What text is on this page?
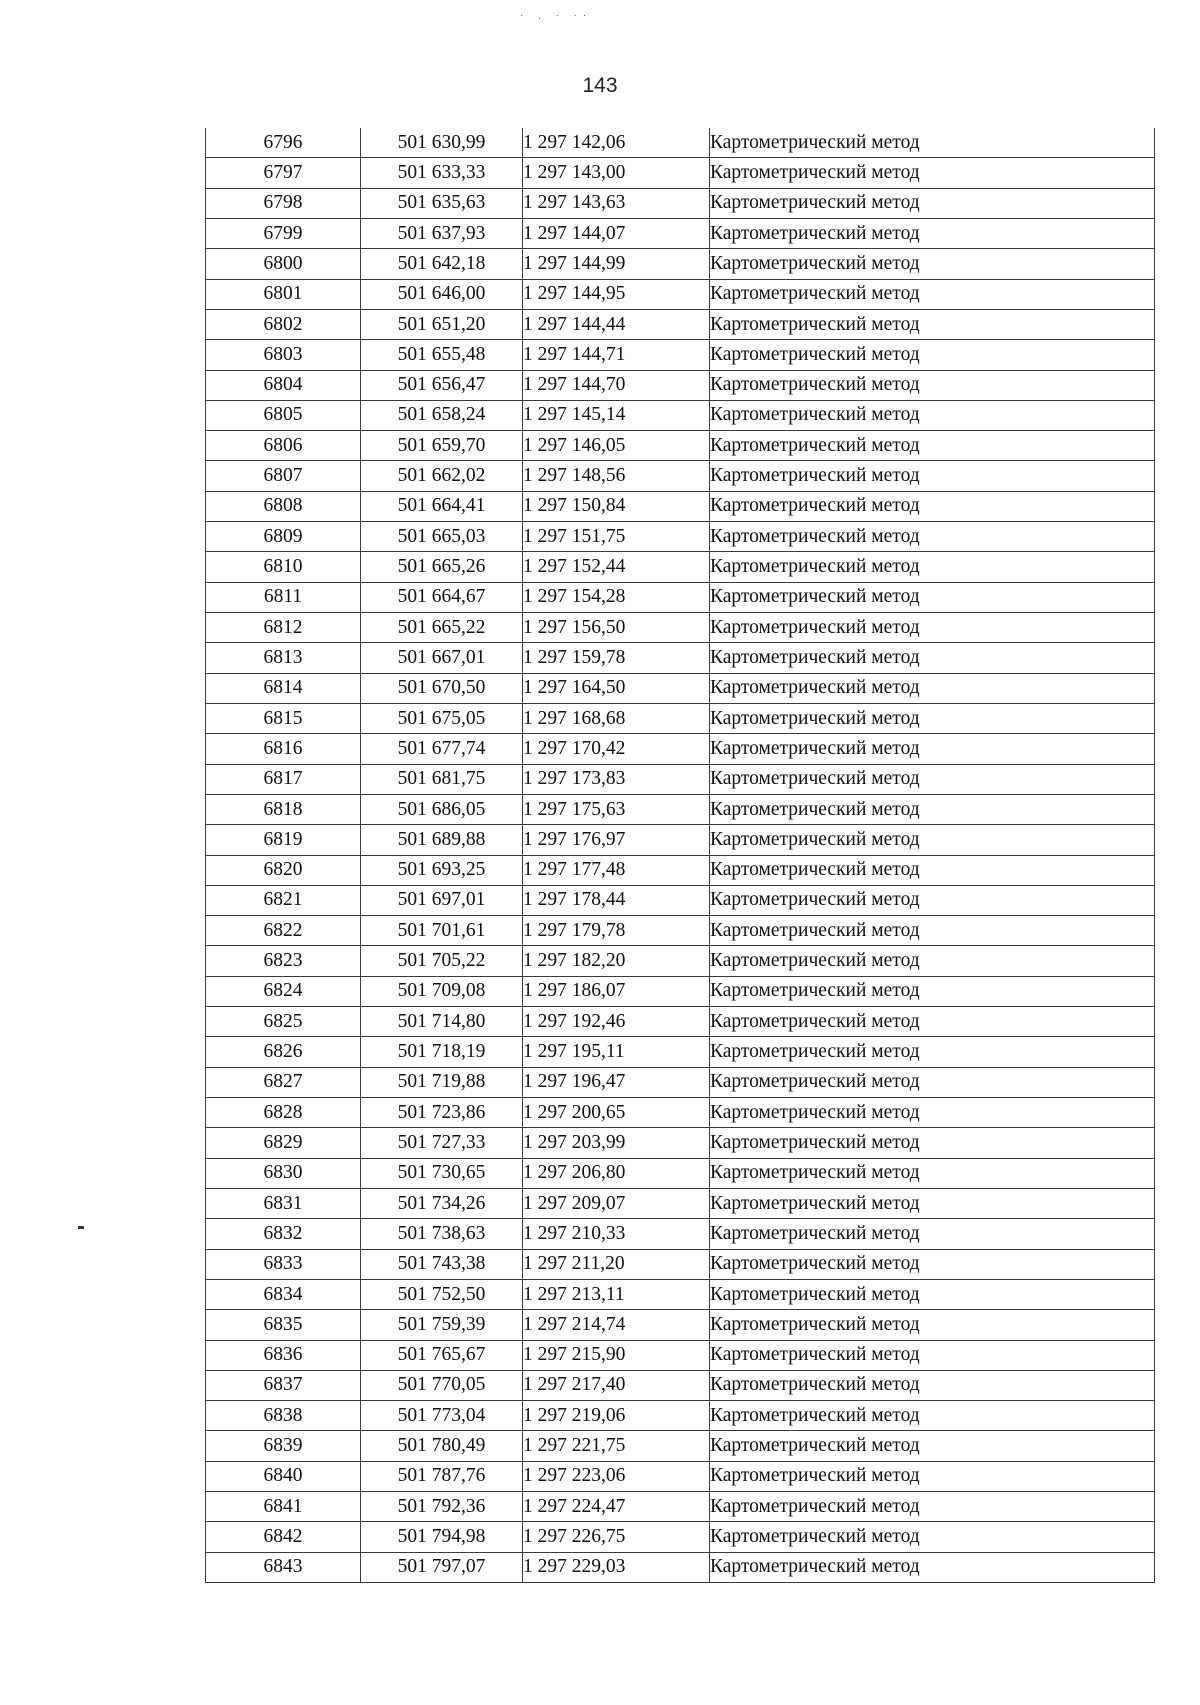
˙ · ˙ ˙˙
143
6796	501 630,99	1 297 142,06	Картометрический метод
6797	501 633,33	1 297 143,00	Картометрический метод
6798	501 635,63	1 297 143,63	Картометрический метод
6799	501 637,93	1 297 144,07	Картометрический метод
6800	501 642,18	1 297 144,99	Картометрический метод
6801	501 646,00	1 297 144,95	Картометрический метод
6802	501 651,20	1 297 144,44	Картометрический метод
6803	501 655,48	1 297 144,71	Картометрический метод
6804	501 656,47	1 297 144,70	Картометрический метод
6805	501 658,24	1 297 145,14	Картометрический метод
6806	501 659,70	1 297 146,05	Картометрический метод
6807	501 662,02	1 297 148,56	Картометрический метод
6808	501 664,41	1 297 150,84	Картометрический метод
6809	501 665,03	1 297 151,75	Картометрический метод
6810	501 665,26	1 297 152,44	Картометрический метод
6811	501 664,67	1 297 154,28	Картометрический метод
6812	501 665,22	1 297 156,50	Картометрический метод
6813	501 667,01	1 297 159,78	Картометрический метод
6814	501 670,50	1 297 164,50	Картометрический метод
6815	501 675,05	1 297 168,68	Картометрический метод
6816	501 677,74	1 297 170,42	Картометрический метод
6817	501 681,75	1 297 173,83	Картометрический метод
6818	501 686,05	1 297 175,63	Картометрический метод
6819	501 689,88	1 297 176,97	Картометрический метод
6820	501 693,25	1 297 177,48	Картометрический метод
6821	501 697,01	1 297 178,44	Картометрический метод
6822	501 701,61	1 297 179,78	Картометрический метод
6823	501 705,22	1 297 182,20	Картометрический метод
6824	501 709,08	1 297 186,07	Картометрический метод
6825	501 714,80	1 297 192,46	Картометрический метод
6826	501 718,19	1 297 195,11	Картометрический метод
6827	501 719,88	1 297 196,47	Картометрический метод
6828	501 723,86	1 297 200,65	Картометрический метод
6829	501 727,33	1 297 203,99	Картометрический метод
6830	501 730,65	1 297 206,80	Картометрический метод
6831	501 734,26	1 297 209,07	Картометрический метод
6832	501 738,63	1 297 210,33	Картометрический метод
6833	501 743,38	1 297 211,20	Картометрический метод
6834	501 752,50	1 297 213,11	Картометрический метод
6835	501 759,39	1 297 214,74	Картометрический метод
6836	501 765,67	1 297 215,90	Картометрический метод
6837	501 770,05	1 297 217,40	Картометрический метод
6838	501 773,04	1 297 219,06	Картометрический метод
6839	501 780,49	1 297 221,75	Картометрический метод
6840	501 787,76	1 297 223,06	Картометрический метод
6841	501 792,36	1 297 224,47	Картометрический метод
6842	501 794,98	1 297 226,75	Картометрический метод
6843	501 797,07	1 297 229,03	Картометрический метод
